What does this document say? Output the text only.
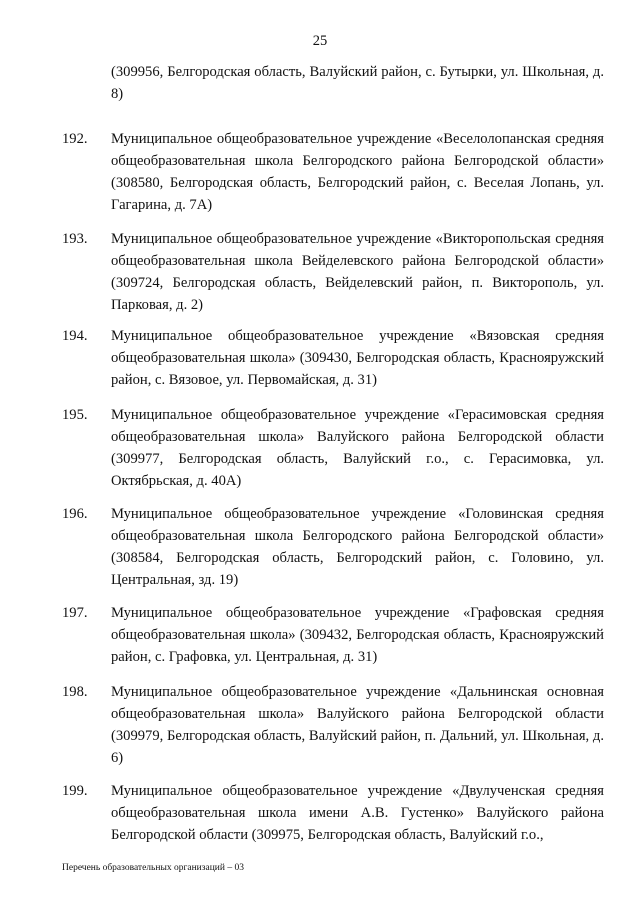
25
(309956, Белгородская область, Валуйский район, с. Бутырки, ул. Школьная, д. 8)
192.	Муниципальное общеобразовательное учреждение «Веселолопанская средняя общеобразовательная школа Белгородского района Белгородской области» (308580, Белгородская область, Белгородский район, с. Веселая Лопань, ул. Гагарина, д. 7А)
193.	Муниципальное общеобразовательное учреждение «Викторопольская средняя общеобразовательная школа Вейделевского района Белгородской области» (309724, Белгородская область, Вейделевский район, п. Викторополь, ул. Парковая, д. 2)
194.	Муниципальное общеобразовательное учреждение «Вязовская средняя общеобразовательная школа» (309430, Белгородская область, Краснояружский район, с. Вязовое, ул. Первомайская, д. 31)
195.	Муниципальное общеобразовательное учреждение «Герасимовская средняя общеобразовательная школа» Валуйского района Белгородской области (309977, Белгородская область, Валуйский г.о., с. Герасимовка, ул. Октябрьская, д. 40А)
196.	Муниципальное общеобразовательное учреждение «Головинская средняя общеобразовательная школа Белгородского района Белгородской области» (308584, Белгородская область, Белгородский район, с. Головино, ул. Центральная, зд. 19)
197.	Муниципальное общеобразовательное учреждение «Графовская средняя общеобразовательная школа» (309432, Белгородская область, Краснояружский район, с. Графовка, ул. Центральная, д. 31)
198.	Муниципальное общеобразовательное учреждение «Дальнинская основная общеобразовательная школа» Валуйского района Белгородской области (309979, Белгородская область, Валуйский район, п. Дальний, ул. Школьная, д. 6)
199.	Муниципальное общеобразовательное учреждение «Двулученская средняя общеобразовательная школа имени А.В. Густенко» Валуйского района Белгородской области (309975, Белгородская область, Валуйский г.о.,
Перечень образовательных организаций – 03
